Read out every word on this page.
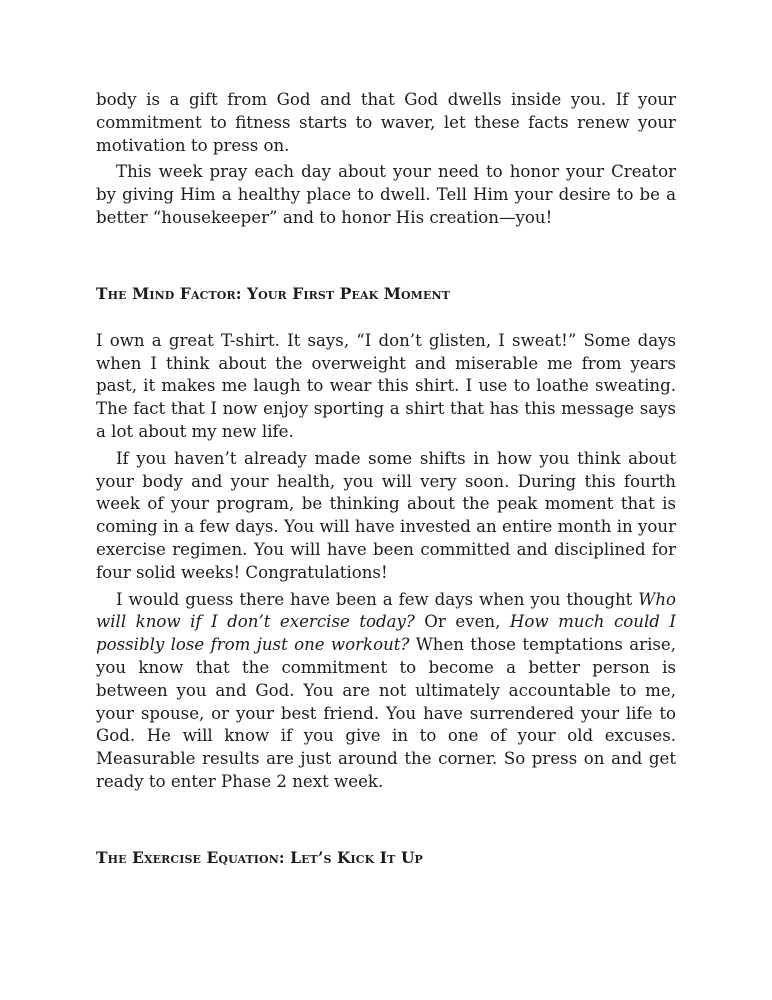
body is a gift from God and that God dwells inside you. If your commitment to fitness starts to waver, let these facts renew your motivation to press on.

This week pray each day about your need to honor your Creator by giving Him a healthy place to dwell. Tell Him your desire to be a better “housekeeper” and to honor His creation—you!

The Mind Factor: Your First Peak Moment

I own a great T-shirt. It says, “I don’t glisten, I sweat!” Some days when I think about the overweight and miserable me from years past, it makes me laugh to wear this shirt. I use to loathe sweating. The fact that I now enjoy sporting a shirt that has this message says a lot about my new life.

If you haven’t already made some shifts in how you think about your body and your health, you will very soon. During this fourth week of your program, be thinking about the peak moment that is coming in a few days. You will have invested an entire month in your exercise regimen. You will have been committed and disciplined for four solid weeks! Congratulations!

I would guess there have been a few days when you thought Who will know if I don’t exercise today? Or even, How much could I possibly lose from just one workout? When those temptations arise, you know that the commitment to become a better person is between you and God. You are not ultimately accountable to me, your spouse, or your best friend. You have surrendered your life to God. He will know if you give in to one of your old excuses. Measurable results are just around the corner. So press on and get ready to enter Phase 2 next week.

The Exercise Equation: Let’s Kick It Up
